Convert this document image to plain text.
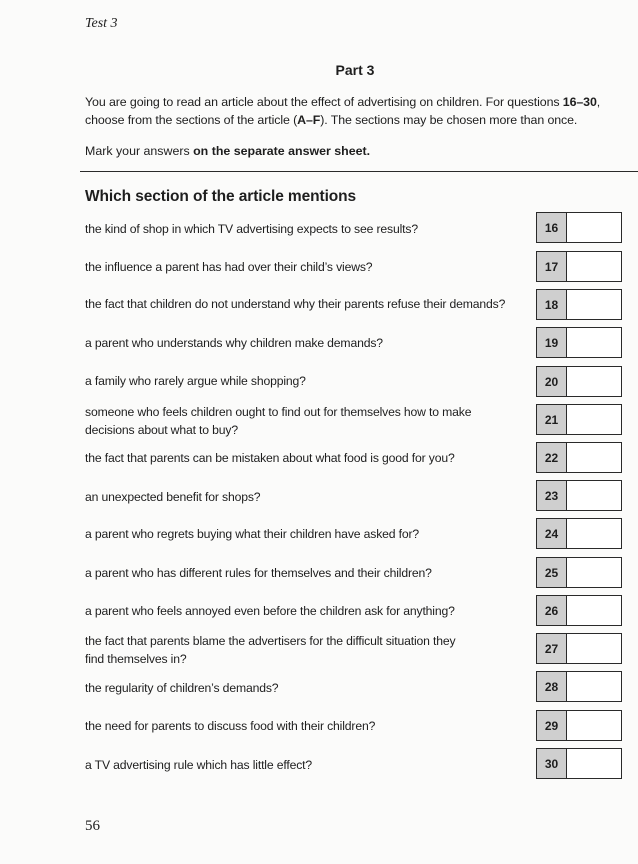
Test 3
Part 3

You are going to read an article about the effect of advertising on children. For questions 16–30,

choose from the sections of the article (A–F). The sections may be chosen more than once.

Mark your answers on the separate answer sheet.
Which section of the article mentions
the kind of shop in which TV advertising expects to see results?	16
the influence a parent has had over their child’s views?	17
the fact that children do not understand why their parents refuse their demands?	18
a parent who understands why children make demands?	19
a family who rarely argue while shopping?	20
someone who feels children ought to find out for themselves how to make
decisions about what to buy?
21
the fact that parents can be mistaken about what food is good for you?	22
an unexpected benefit for shops?	23
a parent who regrets buying what their children have asked for?	24
a parent who has different rules for themselves and their children?	25
a parent who feels annoyed even before the children ask for anything?	26
the fact that parents blame the advertisers for the difficult situation they
find themselves in?
27
the regularity of children’s demands?	28
the need for parents to discuss food with their children?	29
a TV advertising rule which has little effect?	30
56
